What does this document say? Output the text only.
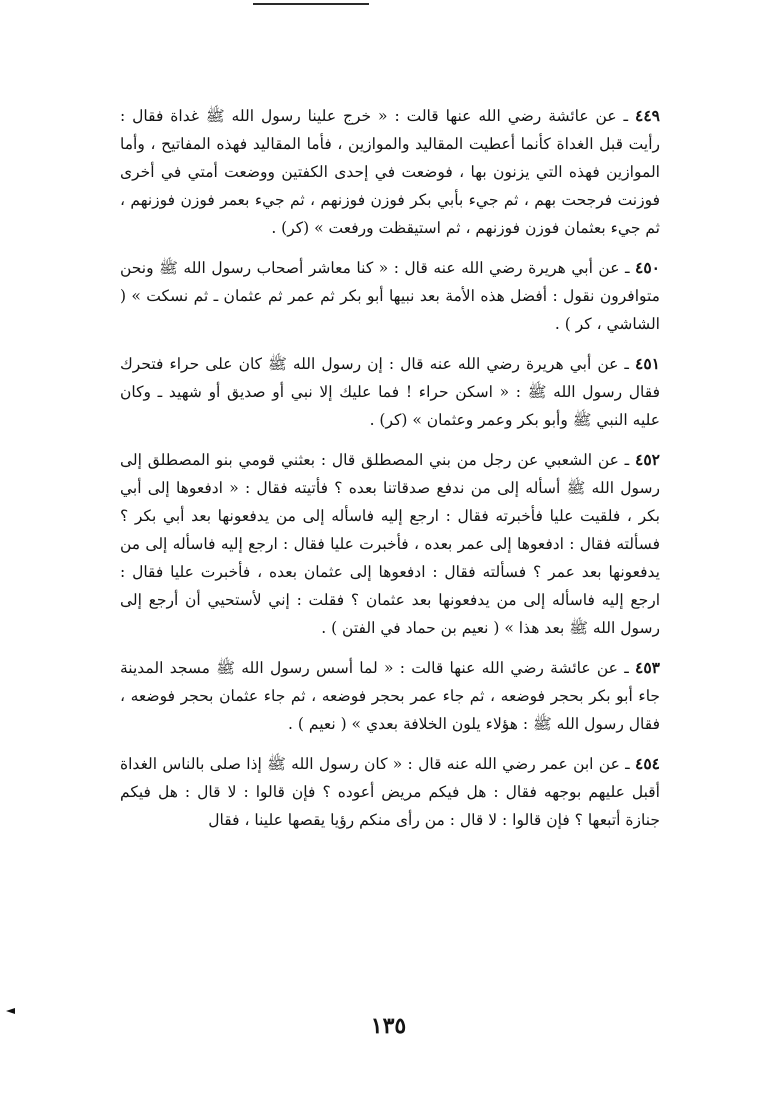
٤٤٩ ـ عن عائشة رضي الله عنها قالت : « خرج علينا رسول الله ﷺ غداة فقال : رأيت قبل الغداة كأنما أعطيت المقاليد والموازين ، فأما المقاليد فهذه المفاتيح ، وأما الموازين فهذه التي يزنون بها ، فوضعت في إحدى الكفتين ووضعت أمتي في أخرى فوزنت فرجحت بهم ، ثم جيء بأبي بكر فوزن فوزنهم ، ثم جيء بعمر فوزن فوزنهم ، ثم جيء بعثمان فوزن فوزنهم ، ثم استيقظت ورفعت » (كر) .

٤٥٠ ـ عن أبي هريرة رضي الله عنه قال : « كنا معاشر أصحاب رسول الله ﷺ ونحن متوافرون نقول : أفضل هذه الأمة بعد نبيها أبو بكر ثم عمر ثم عثمان ـ ثم نسكت » ( الشاشي ، كر ) .

٤٥١ ـ عن أبي هريرة رضي الله عنه قال : إن رسول الله ﷺ كان على حراء فتحرك فقال رسول الله ﷺ : « اسكن حراء ! فما عليك إلا نبي أو صديق أو شهيد ـ وكان عليه النبي ﷺ وأبو بكر وعمر وعثمان » (كر) .

٤٥٢ ـ عن الشعبي عن رجل من بني المصطلق قال : بعثني قومي بنو المصطلق إلى رسول الله ﷺ أسأله إلى من ندفع صدقاتنا بعده ؟ فأتيته فقال : « ادفعوها إلى أبي بكر ، فلقيت عليا فأخبرته فقال : ارجع إليه فاسأله إلى من يدفعونها بعد أبي بكر ؟ فسألته فقال : ادفعوها إلى عمر بعده ، فأخبرت عليا فقال : ارجع إليه فاسأله إلى من يدفعونها بعد عمر ؟ فسألته فقال : ادفعوها إلى عثمان بعده ، فأخبرت عليا فقال : ارجع إليه فاسأله إلى من يدفعونها بعد عثمان ؟ فقلت : إني لأستحيي أن أرجع إلى رسول الله ﷺ بعد هذا » ( نعيم بن حماد في الفتن ) .

٤٥٣ ـ عن عائشة رضي الله عنها قالت : « لما أسس رسول الله ﷺ مسجد المدينة جاء أبو بكر بحجر فوضعه ، ثم جاء عمر بحجر فوضعه ، ثم جاء عثمان بحجر فوضعه ، فقال رسول الله ﷺ : هؤلاء يلون الخلافة بعدي » ( نعيم ) .

٤٥٤ ـ عن ابن عمر رضي الله عنه قال : « كان رسول الله ﷺ إذا صلى بالناس الغداة أقبل عليهم بوجهه فقال : هل فيكم مريض أعوده ؟ فإن قالوا : لا قال : هل فيكم جنازة أتبعها ؟ فإن قالوا : لا قال : من رأى منكم رؤيا يقصها علينا ، فقال

١٣٥
